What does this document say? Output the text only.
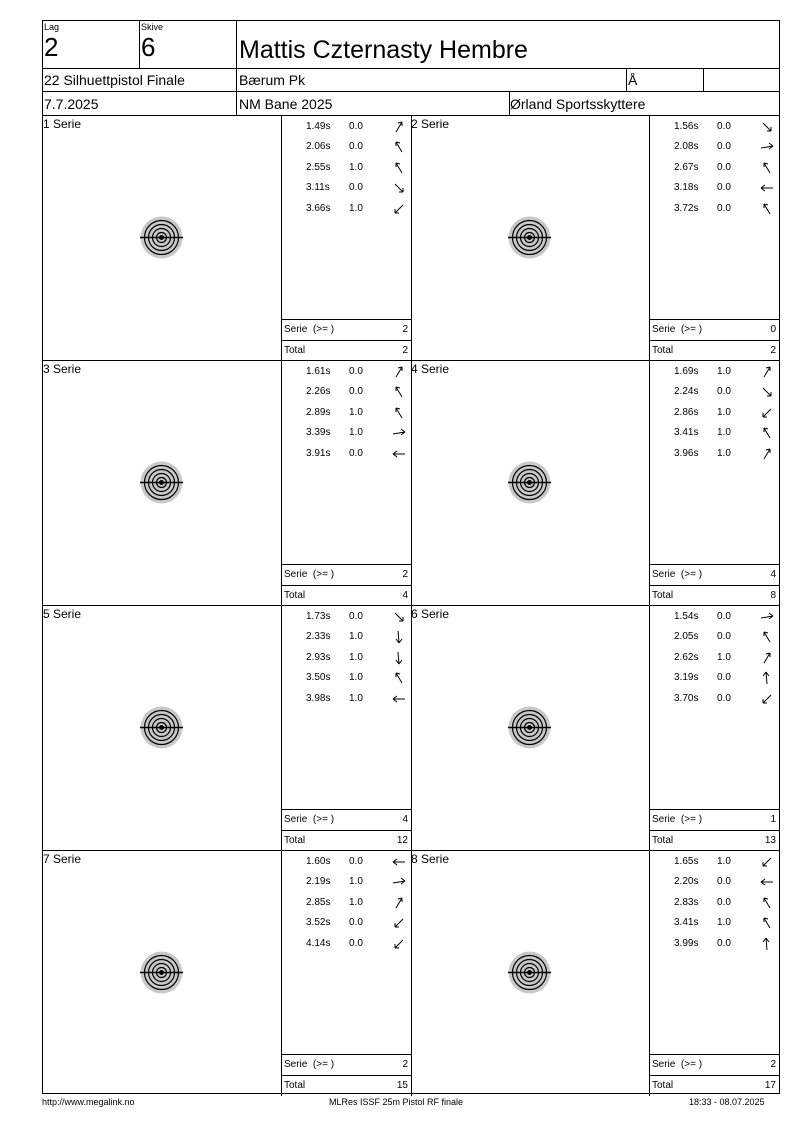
Lag
2
Skive
6	Mattis Czternasty Hembre
22 Silhuettpistol Finale	Bærum Pk	Å
7.7.2025	NM Bane 2025	Ørland Sportsskyttere
1 Serie	1.49s 0.0
2.06s 0.0
2.55s 1.0
3.11s 0.0
3.66s 1.0
Serie  (>= )	2
Total	2
2 Serie	1.56s 0.0
2.08s 0.0
2.67s 0.0
3.18s 0.0
3.72s 0.0
Serie  (>= )	0
Total	2
3 Serie	1.61s 0.0
2.26s 0.0
2.89s 1.0
3.39s 1.0
3.91s 0.0
Serie  (>= )	2
Total	4
4 Serie	1.69s 1.0
2.24s 0.0
2.86s 1.0
3.41s 1.0
3.96s 1.0
Serie  (>= )	4
Total	8
5 Serie	1.73s 0.0
2.33s 1.0
2.93s 1.0
3.50s 1.0
3.98s 1.0
Serie  (>= )	4
Total	12
6 Serie	1.54s 0.0
2.05s 0.0
2.62s 1.0
3.19s 0.0
3.70s 0.0
Serie  (>= )	1
Total	13
7 Serie	1.60s 0.0
2.19s 1.0
2.85s 1.0
3.52s 0.0
4.14s 0.0
Serie  (>= )	2
Total	15
8 Serie	1.65s 1.0
2.20s 0.0
2.83s 0.0
3.41s 1.0
3.99s 0.0
Serie  (>= )	2
Total	17
http://www.megalink.no	MLRes ISSF 25m Pistol RF finale	18:33 - 08.07.2025
